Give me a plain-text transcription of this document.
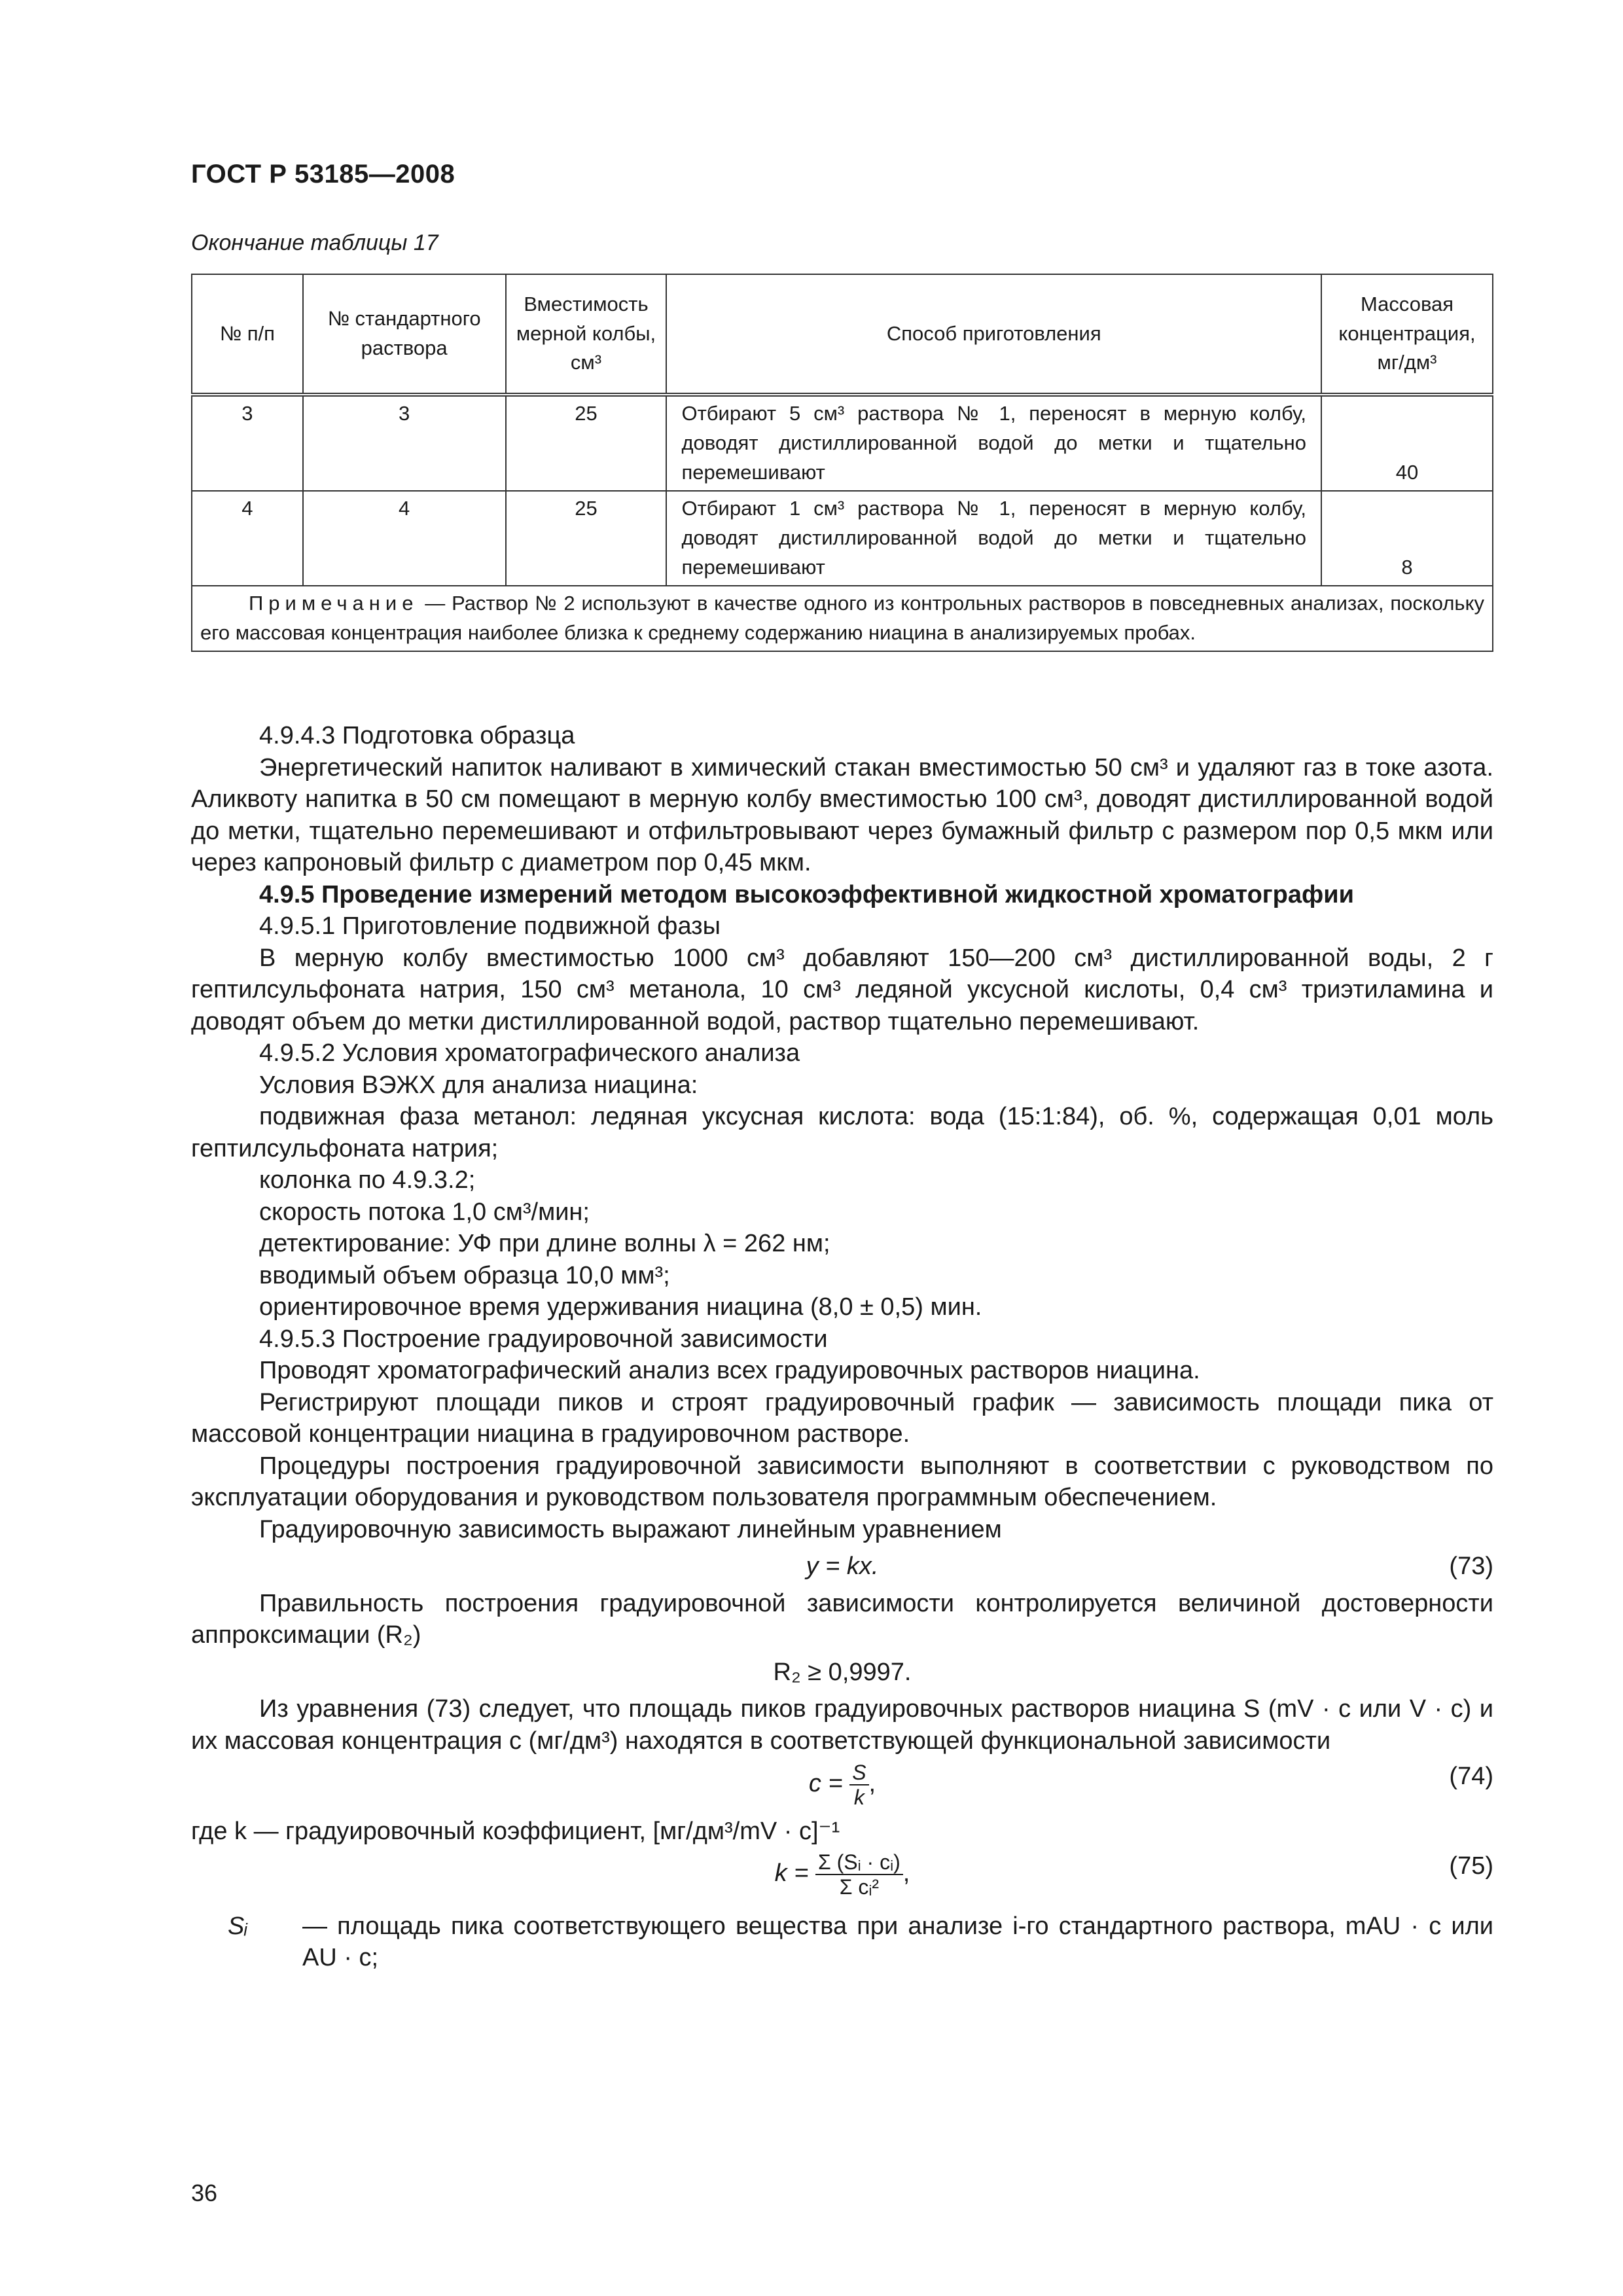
ГОСТ Р 53185—2008
Окончание таблицы 17
№ п/п	№ стандартного раствора	Вместимость мерной колбы, см³	Способ приготовления	Массовая концентрация, мг/дм³
3	3	25	Отбирают 5 см³ раствора № 1, переносят в мерную колбу, доводят дистиллированной водой до метки и тщательно перемешивают	40
4	4	25	Отбирают 1 см³ раствора № 1, переносят в мерную колбу, доводят дистиллированной водой до метки и тщательно перемешивают	8
Примечание — Раствор № 2 используют в качестве одного из контрольных растворов в повседневных анализах, поскольку его массовая концентрация наиболее близка к среднему содержанию ниацина в анализируемых пробах.				

4.9.4.3 Подготовка образца

Энергетический напиток наливают в химический стакан вместимостью 50 см³ и удаляют газ в токе азота. Аликвоту напитка в 50 см помещают в мерную колбу вместимостью 100 см³, доводят дистиллированной водой до метки, тщательно перемешивают и отфильтровывают через бумажный фильтр с размером пор 0,5 мкм или через капроновый фильтр с диаметром пор 0,45 мкм.

4.9.5 Проведение измерений методом высокоэффективной жидкостной хроматографии

4.9.5.1 Приготовление подвижной фазы

В мерную колбу вместимостью 1000 см³ добавляют 150—200 см³ дистиллированной воды, 2 г гептилсульфоната натрия, 150 см³ метанола, 10 см³ ледяной уксусной кислоты, 0,4 см³ триэтиламина и доводят объем до метки дистиллированной водой, раствор тщательно перемешивают.

4.9.5.2 Условия хроматографического анализа

Условия ВЭЖХ для анализа ниацина:

подвижная фаза метанол: ледяная уксусная кислота: вода (15:1:84), об. %, содержащая 0,01 моль гептилсульфоната натрия;

колонка по 4.9.3.2;

скорость потока 1,0 см³/мин;

детектирование: УФ при длине волны λ = 262 нм;

вводимый объем образца 10,0 мм³;

ориентировочное время удерживания ниацина (8,0 ± 0,5) мин.

4.9.5.3 Построение градуировочной зависимости

Проводят хроматографический анализ всех градуировочных растворов ниацина.

Регистрируют площади пиков и строят градуировочный график — зависимость площади пика от массовой концентрации ниацина в градуировочном растворе.

Процедуры построения градуировочной зависимости выполняют в соответствии с руководством по эксплуатации оборудования и руководством пользователя программным обеспечением.

Градуировочную зависимость выражают линейным уравнением

y = kx.	(73)

Правильность построения градуировочной зависимости контролируется величиной достоверности аппроксимации (R₂)

R₂ ≥ 0,9997.

Из уравнения (73) следует, что площадь пиков градуировочных растворов ниацина S (mV · с или V · с) и их массовая концентрация с (мг/дм³) находятся в соответствующей функциональной зависимости

$c = \frac{S}{k}$ ,	(74)

где k — градуировочный коэффициент, [мг/дм³/mV · с]⁻¹

$k = \frac{\text{Σ (Sᵢ · cᵢ)}}{\text{Σ cᵢ²}}$ ,	(75)

Sᵢ — площадь пика соответствующего вещества при анализе i-го стандартного раствора, mAU · с или AU · с;

36
